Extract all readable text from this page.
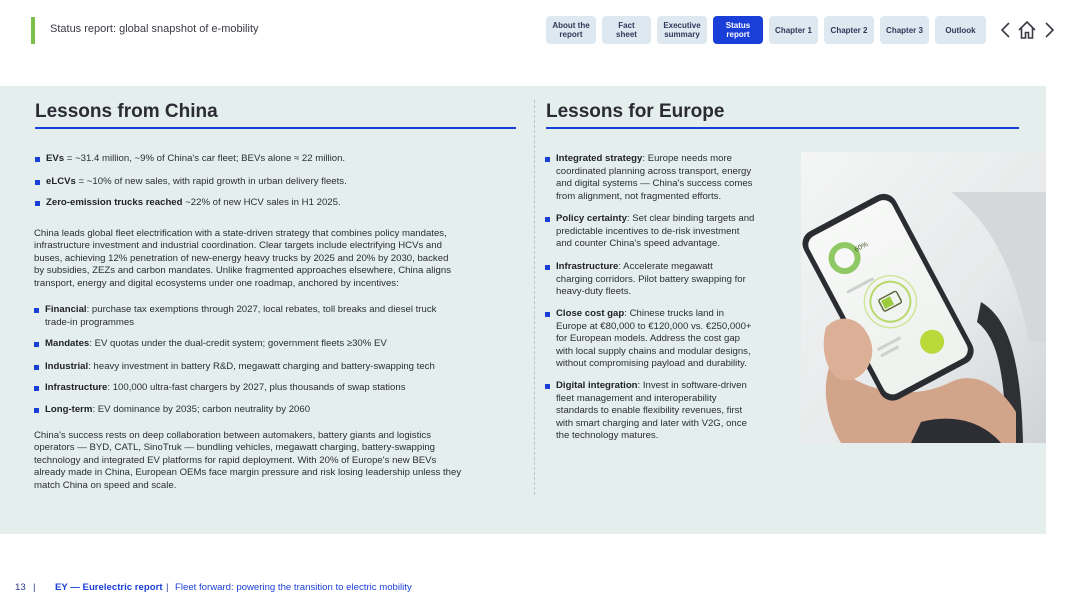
Status report: global snapshot of e-mobility	About the
report
Fact
sheet
Executive
summary
Status
report	Chapter 1 Chapter 2 Chapter 3	Outlook
Lessons from China
EVs = ~31.4 million, ~9% of China's car fleet; BEVs alone ≈ 22 million.
eLCVs = ~10% of new sales, with rapid growth in urban delivery fleets.
Zero-emission trucks reached ~22% of new HCV sales in H1 2025.
China leads global fleet electrification with a state-driven strategy that combines policy mandates,
infrastructure investment and industrial coordination. Clear targets include electrifying HCVs and
buses, achieving 12% penetration of new-energy heavy trucks by 2025 and 20% by 2030, backed
by subsidies, ZEZs and carbon mandates. Unlike fragmented approaches elsewhere, China aligns
transport, energy and digital ecosystems under one roadmap, anchored by incentives:
Financial: purchase tax exemptions through 2027, local rebates, toll breaks and diesel truck
trade-in programmes
Mandates: EV quotas under the dual-credit system; government fleets ≥30% EV
Industrial: heavy investment in battery R&D, megawatt charging and battery-swapping tech
Infrastructure: 100,000 ultra-fast chargers by 2027, plus thousands of swap stations
Long-term: EV dominance by 2035; carbon neutrality by 2060
China's success rests on deep collaboration between automakers, battery giants and logistics
operators — BYD, CATL, SinoTruk — bundling vehicles, megawatt charging, battery-swapping
technology and integrated EV platforms for rapid deployment. With 20% of Europe's new BEVs
already made in China, European OEMs face margin pressure and risk losing leadership unless they
match China on speed and scale.
Lessons for Europe
Integrated strategy: Europe needs more
coordinated planning across transport, energy
and digital systems — China's success comes
from alignment, not fragmented efforts.
Policy certainty: Set clear binding targets and
predictable incentives to de-risk investment
and counter China's speed advantage.
Infrastructure: Accelerate megawatt
charging corridors. Pilot battery swapping for
heavy-duty fleets.
Close cost gap: Chinese trucks land in
Europe at €80,000 to €120,000 vs. €250,000+
for European models. Address the cost gap
with local supply chains and modular designs,
without compromising payload and durability.
Digital integration: Invest in software-driven
fleet management and interoperability
standards to enable flexibility revenues, first
with smart charging and later with V2G, once
the technology matures.
60%
13 | EY — Eurelectric report | Fleet forward: powering the transition to electric mobility
